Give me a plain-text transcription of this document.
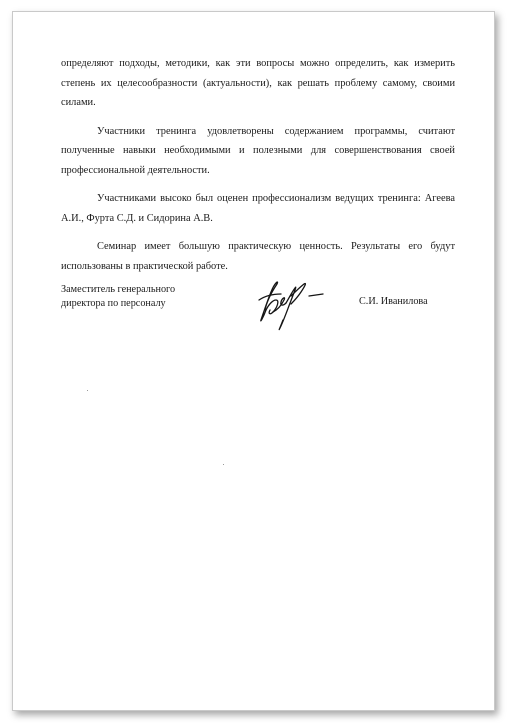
определяют подходы, методики, как эти вопросы можно определить, как измерить степень их целесообразности (актуальности), как решать проблему самому, своими силами.

Участники тренинга удовлетворены содержанием программы, считают полученные навыки необходимыми и полезными для совершенствования своей профессиональной деятельности.

Участниками высоко был оценен профессионализм ведущих тренинга: Агеева А.И., Фурта С.Д. и Сидорина А.В.

Семинар имеет большую практическую ценность. Результаты его будут использованы в практической работе.

Заместитель генерального
директора по персоналу	С.И. Иванилова
